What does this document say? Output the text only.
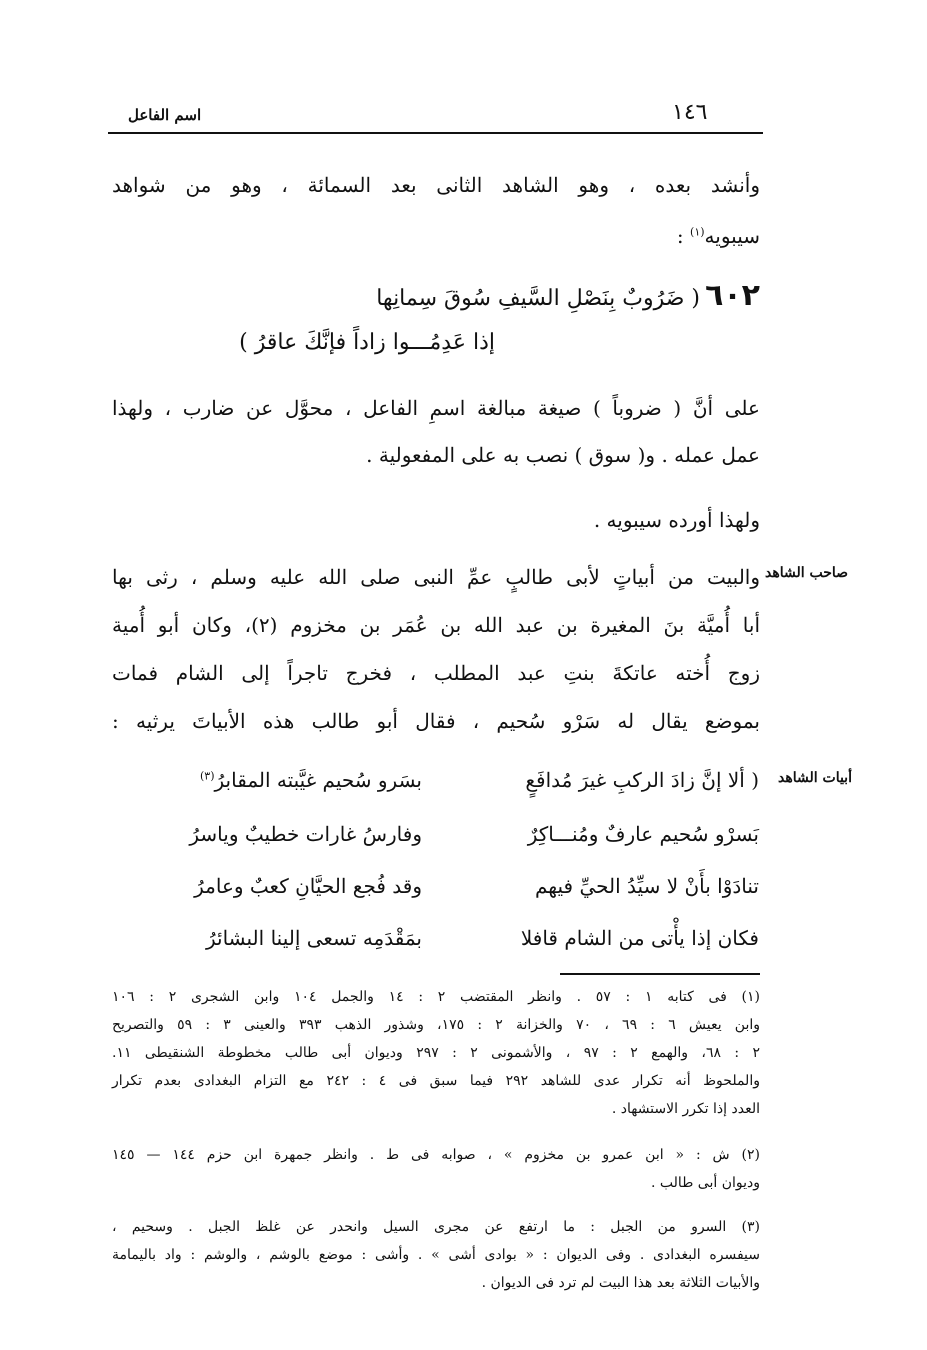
١٤٦
اسم الفاعل
وأنشد بعده ، وهو الشاهد الثانى بعد السمائة ، وهو من شواهد
سيبويه$^{(١)}$ :
٦٠٢ ( ضَرُوبٌ بِنَصْلِ السَّيفِ سُوقَ سِمانِها
إذا عَدِمُـــوا زاداً فإنَّكَ عاقرُ )
على أنَّ ( ضروباً ) صيغة مبالغة اسمِ الفاعل ، محوَّل عن ضارب ، ولهذا
عمل عمله . و( سوق ) نصب به على المفعولية .
ولهذا أورده سيبويه .
صاحب الشاهد
والبيت من أبياتٍ لأبى طالبٍ عمِّ النبى صلى الله عليه وسلم ، رثى بها
أبا أُميَّة بنَ المغيرة بن عبد الله بن عُمَر بن مخزوم (٢)، وكان أبو أُمية
زوج أُخته عاتكةَ بنتِ عبد المطلب ، فخرج تاجراً إلى الشام فمات
بموضع يقال له سَرْو سُحيم ، فقال أبو طالب هذه الأبياتَ يرثيه :
أبيات الشاهد
( ألا إنَّ زادَ الركبِ غيرَ مُدافَعٍ
بسَرو سُحيم غيَّبته المقابرُ$^{(٣)}$
بَسرْو سُحيم عارفٌ ومُنـــاكِرٌ
وفارسُ غارات خطيبٌ وياسرُ
تنادَوْا بأَنْ لا سيِّدُ الحيِّ فيهم
وقد فُجع الحيَّانِ كعبٌ وعامرُ
فكان إذا يأْتى من الشام قافلا
بمَقْدَمِه تسعى إلينا البشائرُ
(١) فى كتابه ١ : ٥٧ . وانظر المقتضب ٢ : ١٤ والجمل ١٠٤ وابن الشجرى ٢ : ١٠٦
وابن يعيش ٦ : ٦٩ ، ٧٠ والخزانة ٢ : ١٧٥، وشذور الذهب ٣٩٣ والعينى ٣ : ٥٩ والتصريح
٢ : ٦٨، والهمع ٢ : ٩٧ ، والأشمونى ٢ : ٢٩٧ وديوان أبى طالب مخطوطة الشنقيطى ١١.
والملحوظ أنه تكرار عدى للشاهد ٢٩٢ فيما سبق فى ٤ : ٢٤٢ مع التزام البغدادى بعدم تكرار
العدد إذا تكرر الاستشهاد .
(٢) ش : « ابن عمرو بن مخزوم » ، صوابه فى ط . وانظر جمهرة ابن حزم ١٤٤ — ١٤٥
وديوان أبى طالب .
(٣) السرو من الجبل : ما ارتفع عن مجرى السيل وانحدر عن غلظ الجبل . وسحيم ،
سيفسره البغدادى . وفى الديوان : « بوادى أشى » . وأشى : موضع بالوشم ، والوشم : واد باليمامة
والأبيات الثلاثة بعد هذا البيت لم ترد فى الديوان .
